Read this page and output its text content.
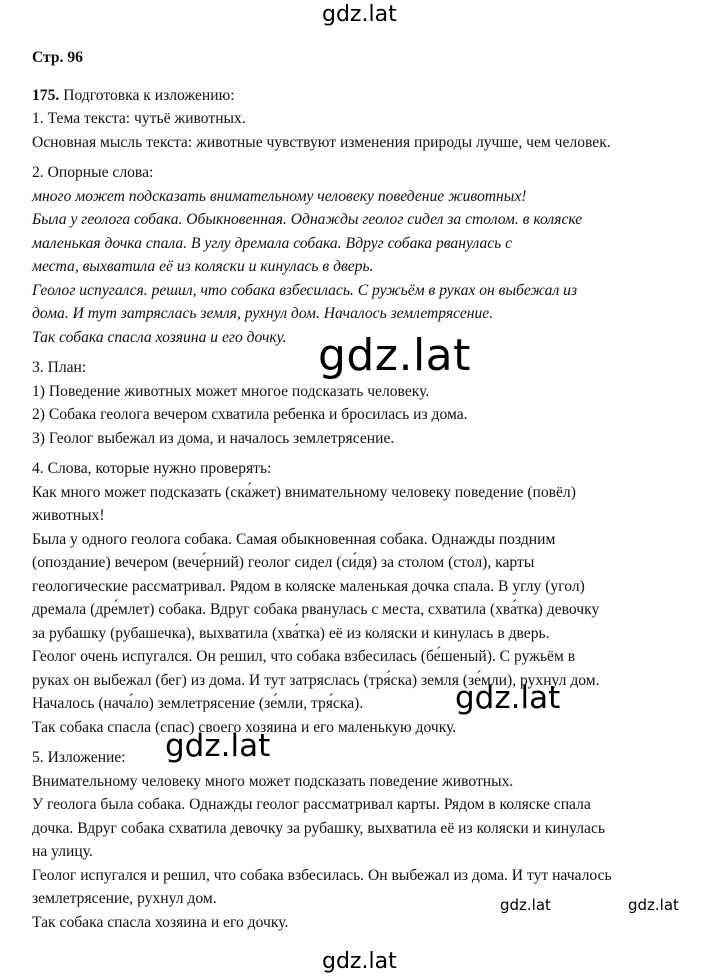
Стр. 96
175. Подготовка к изложению:
1. Тема текста: чутьё животных.
Основная мысль текста: животные чувствуют изменения природы лучше, чем человек.
2. Опорные слова:
много может подсказать внимательному человеку поведение животных!
Была у геолога собака. Обыкновенная. Однажды геолог сидел за столом. в коляске
маленькая дочка спала. В углу дремала собака. Вдруг собака рванулась с
места, выхватила её из коляски и кинулась в дверь.
Геолог испугался. решил, что собака взбесилась. С ружьём в руках он выбежал из
дома. И тут затряслась земля, рухнул дом. Началось землетрясение.
Так собака спасла хозяина и его дочку.
3. План:
1) Поведение животных может многое подсказать человеку.
2) Собака геолога вечером схватила ребенка и бросилась из дома.
3) Геолог выбежал из дома, и началось землетрясение.
4. Слова, которые нужно проверять:
Как много может подсказать (ска́жет) внимательному человеку поведение (повёл)
животных!
Была у одного геолога собака. Самая обыкновенная собака. Однажды поздним
(опоздание) вечером (вече́рний) геолог сидел (си́дя) за столом (стол), карты
геологические рассматривал. Рядом в коляске маленькая дочка спала. В углу (угол)
дремала (дре́млет) собака. Вдруг собака рванулась с места, схватила (хва́тка) девочку
за рубашку (рубашечка), выхватила (хва́тка) её из коляски и кинулась в дверь.
Геолог очень испугался. Он решил, что собака взбесилась (бе́шеный). С ружьём в
руках он выбежал (бег) из дома. И тут затряслась (тря́ска) земля (зе́мли), рухнул дом.
Началось (нача́ло) землетрясение (зе́мли, тря́ска).
Так собака спасла (спас) своего хозяина и его маленькую дочку.
5. Изложение:
Внимательному человеку много может подсказать поведение животных.
У геолога была собака. Однажды геолог рассматривал карты. Рядом в коляске спала
дочка. Вдруг собака схватила девочку за рубашку, выхватила её из коляски и кинулась
на улицу.
Геолог испугался и решил, что собака взбесилась. Он выбежал из дома. И тут началось
землетрясение, рухнул дом.
Так собака спасла хозяина и его дочку.
gdz.lat
gdz.lat
gdz.lat
gdz.lat
gdz.lat	gdz.lat
gdz.lat
